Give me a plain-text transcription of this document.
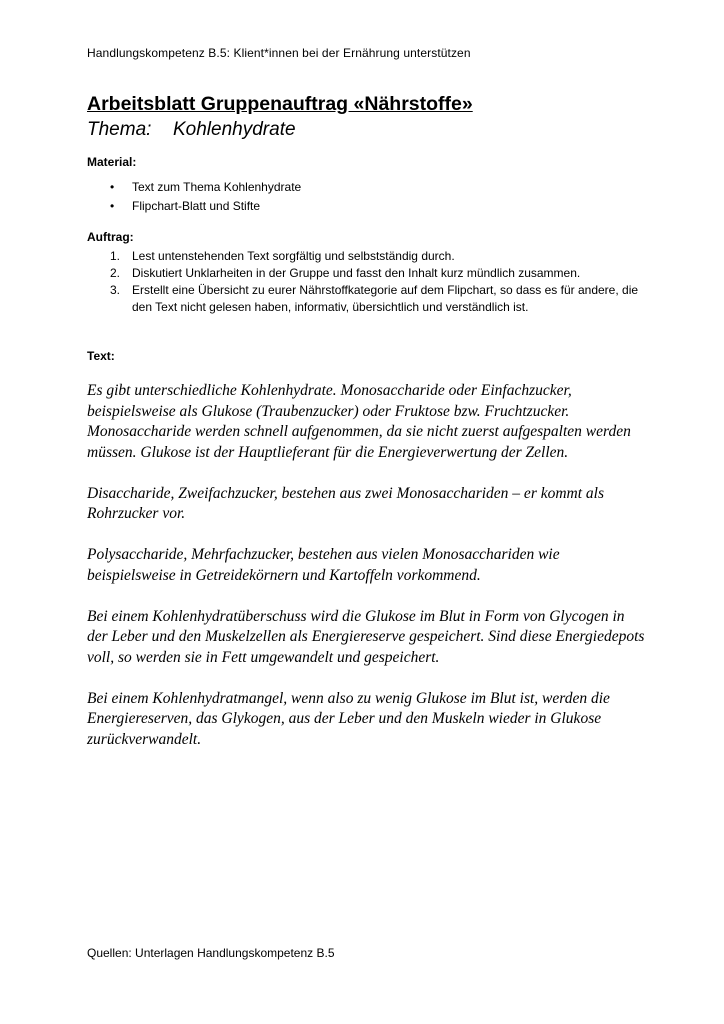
Handlungskompetenz B.5: Klient*innen bei der Ernährung unterstützen
Arbeitsblatt Gruppenauftrag «Nährstoffe»
Thema: Kohlenhydrate
Material:
• Text zum Thema Kohlenhydrate
• Flipchart-Blatt und Stifte
Auftrag:
1. Lest untenstehenden Text sorgfältig und selbstständig durch.
2. Diskutiert Unklarheiten in der Gruppe und fasst den Inhalt kurz mündlich zusammen.
3. Erstellt eine Übersicht zu eurer Nährstoffkategorie auf dem Flipchart, so dass es für andere, die den Text nicht gelesen haben, informativ, übersichtlich und verständlich ist.
Text:

Es gibt unterschiedliche Kohlenhydrate. Monosaccharide oder Einfachzucker, beispielsweise als Glukose (Traubenzucker) oder Fruktose bzw. Fruchtzucker. Monosaccharide werden schnell aufgenommen, da sie nicht zuerst aufgespalten werden müssen. Glukose ist der Hauptlieferant für die Energieverwertung der Zellen.

Disaccharide, Zweifachzucker, bestehen aus zwei Monosacchariden – er kommt als Rohrzucker vor.

Polysaccharide, Mehrfachzucker, bestehen aus vielen Monosacchariden wie beispielsweise in Getreidekörnern und Kartoffeln vorkommend.

Bei einem Kohlenhydratüberschuss wird die Glukose im Blut in Form von Glycogen in der Leber und den Muskelzellen als Energiereserve gespeichert. Sind diese Energiedepots voll, so werden sie in Fett umgewandelt und gespeichert.

Bei einem Kohlenhydratmangel, wenn also zu wenig Glukose im Blut ist, werden die Energiereserven, das Glykogen, aus der Leber und den Muskeln wieder in Glukose zurückverwandelt.

Quellen: Unterlagen Handlungskompetenz B.5
